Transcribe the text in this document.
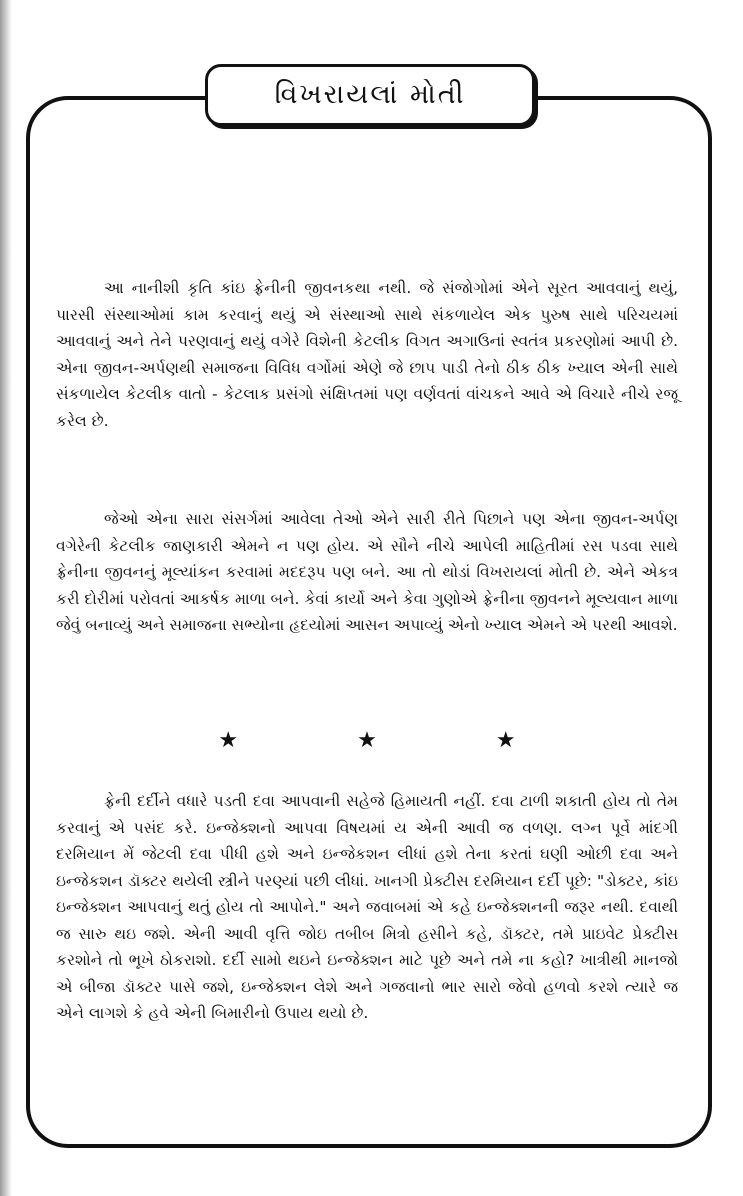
વિખરાયલાં મોતી

આ નાનીશી કૃતિ કાંઇ ફ્રેનીની જીવનકથા નથી. જે સંજોગોમાં એને સૂરત આવવાનું થયું, પારસી સંસ્થાઓમાં કામ કરવાનું થયું એ સંસ્થાઓ સાથે સંકળાયેલ એક પુરુષ સાથે પરિચયમાં આવવાનું અને તેને પરણવાનું થયું વગેરે વિશેની કેટલીક વિગત અગાઉનાં સ્વતંત્ર પ્રકરણોમાં આપી છે. એના જીવન-અર્પણથી સમાજના વિવિધ વર્ગોમાં એણે જે છાપ પાડી તેનો ઠીક ઠીક ખ્યાલ એની સાથે સંકળાયેલ કેટલીક વાતો - કેટલાક પ્રસંગો સંક્ષિપ્તમાં પણ વર્ણવતાં વાંચકને આવે એ વિચારે નીચે રજૂ કરેલ છે.

જેઓ એના સારા સંસર્ગમાં આવેલા તેઓ એને સારી રીતે પિછાને પણ એના જીવન-અર્પણ વગેરેની કેટલીક જાણકારી એમને ન પણ હોય. એ સૌને નીચે આપેલી માહિતીમાં રસ પડવા સાથે ફ્રેનીના જીવનનું મૂલ્યાંકન કરવામાં મદદરૂપ પણ બને. આ તો થોડાં વિખરાયલાં મોતી છે. એને એકત્ર કરી દોરીમાં પરોવતાં આકર્ષક માળા બને. કેવાં કાર્યો અને કેવા ગુણોએ ફ્રેનીના જીવનને મૂલ્યવાન માળા જેવું બનાવ્યું અને સમાજના સભ્યોના હૃદયોમાં આસન અપાવ્યું એનો ખ્યાલ એમને એ પરથી આવશે.

★ ★ ★

ફ્રેની દર્દીને વધારે પડતી દવા આપવાની સહેજે હિમાયતી નહીં. દવા ટાળી શકાતી હોય તો તેમ કરવાનું એ પસંદ કરે. ઇન્જેક્શનો આપવા વિષયમાં ય એની આવી જ વળણ. લગ્ન પૂર્વે માંદગી દરમિયાન મેં જેટલી દવા પીધી હશે અને ઇન્જેકશન લીધાં હશે તેના કરતાં ઘણી ઓછી દવા અને ઇન્જેકશન ડૉક્ટર થયેલી સ્ત્રીને પરણ્યાં પછી લીધાં. ખાનગી પ્રેક્ટીસ દરમિયાન દર્દી પૂછે: "ડોક્ટર, કાંઇ ઇન્જેક્શન આપવાનું થતું હોય તો આપોને." અને જવાબમાં એ કહે ઇન્જેક્શનની જરૂર નથી. દવાથી જ સારુ થઇ જશે. એની આવી વૃત્તિ જોઇ તબીબ મિત્રો હસીને કહે, ડૉક્ટર, તમે પ્રાઇવેટ પ્રેક્ટીસ કરશોને તો ભૂખે ઠોકરાશો. દર્દી સામો થઇને ઇન્જેક્શન માટે પૂછે અને તમે ના કહો? ખાત્રીથી માનજો એ બીજા ડૉક્ટર પાસે જશે, ઇન્જેક્શન લેશે અને ગજવાનો ભાર સારો જેવો હળવો કરશે ત્યારે જ એને લાગશે કે હવે એની બિમારીનો ઉપાય થયો છે.
